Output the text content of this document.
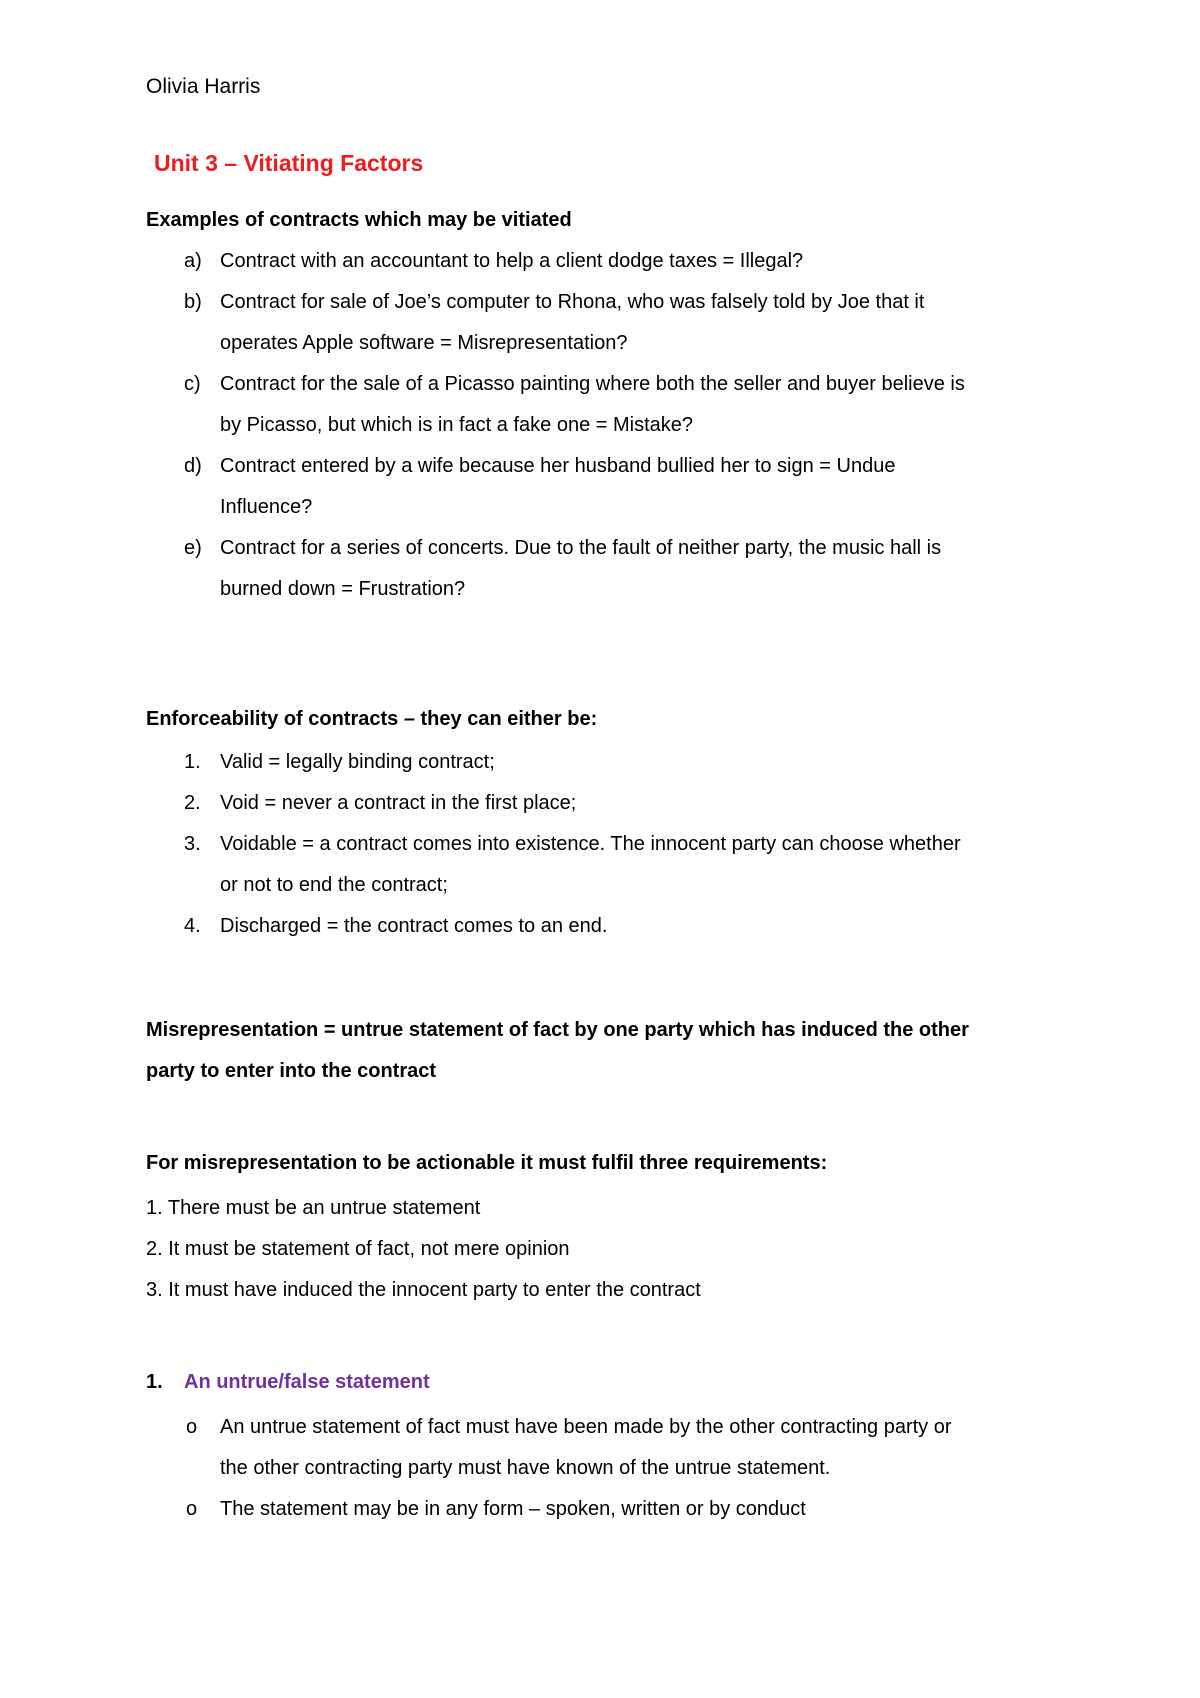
Olivia Harris
Unit 3 – Vitiating Factors
Examples of contracts which may be vitiated
a) Contract with an accountant to help a client dodge taxes = Illegal?
b) Contract for sale of Joe’s computer to Rhona, who was falsely told by Joe that it
operates Apple software = Misrepresentation?
c) Contract for the sale of a Picasso painting where both the seller and buyer believe is
by Picasso, but which is in fact a fake one = Mistake?
d) Contract entered by a wife because her husband bullied her to sign = Undue
Influence?
e) Contract for a series of concerts. Due to the fault of neither party, the music hall is
burned down = Frustration?
Enforceability of contracts – they can either be:
1. Valid = legally binding contract;
2. Void = never a contract in the first place;
3. Voidable = a contract comes into existence. The innocent party can choose whether
or not to end the contract;
4. Discharged = the contract comes to an end.
Misrepresentation = untrue statement of fact by one party which has induced the other
party to enter into the contract
For misrepresentation to be actionable it must fulfil three requirements:
1. There must be an untrue statement
2. It must be statement of fact, not mere opinion
3. It must have induced the innocent party to enter the contract
1. An untrue/false statement
o An untrue statement of fact must have been made by the other contracting party or
the other contracting party must have known of the untrue statement.
o The statement may be in any form – spoken, written or by conduct
